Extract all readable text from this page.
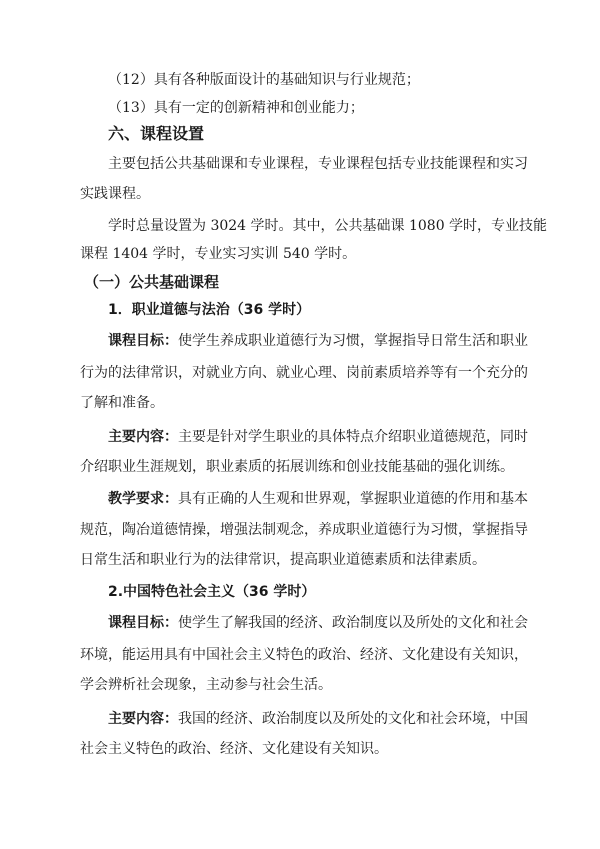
（12）具有各种版面设计的基础知识与行业规范；
（13）具有一定的创新精神和创业能力；
六、课程设置
主要包括公共基础课和专业课程，专业课程包括专业技能课程和实习
实践课程。
学时总量设置为 3024 学时。其中，公共基础课 1080 学时，专业技能
课程 1404 学时，专业实习实训 540 学时。
（一）公共基础课程
1．职业道德与法治（36 学时）
课程目标：使学生养成职业道德行为习惯，掌握指导日常生活和职业
行为的法律常识，对就业方向、就业心理、岗前素质培养等有一个充分的
了解和准备。
主要内容：主要是针对学生职业的具体特点介绍职业道德规范，同时
介绍职业生涯规划，职业素质的拓展训练和创业技能基础的强化训练。
教学要求：具有正确的人生观和世界观，掌握职业道德的作用和基本
规范，陶冶道德情操，增强法制观念，养成职业道德行为习惯，掌握指导
日常生活和职业行为的法律常识，提高职业道德素质和法律素质。
2.中国特色社会主义（36 学时）
课程目标：使学生了解我国的经济、政治制度以及所处的文化和社会
环境，能运用具有中国社会主义特色的政治、经济、文化建设有关知识，
学会辨析社会现象，主动参与社会生活。
主要内容：我国的经济、政治制度以及所处的文化和社会环境，中国
社会主义特色的政治、经济、文化建设有关知识。
